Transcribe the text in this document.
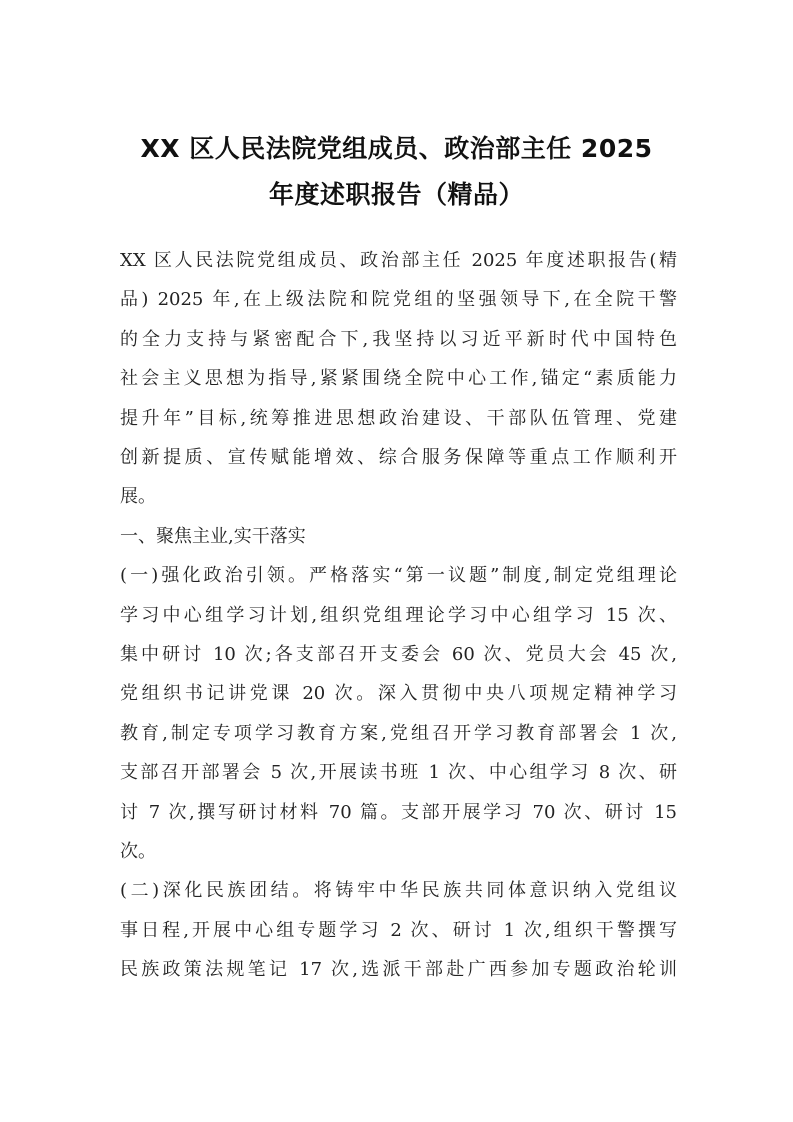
XX 区人民法院党组成员、政治部主任 2025
年度述职报告（精品）
XX 区人民法院党组成员、政治部主任 2025 年度述职报告(精
品) 2025 年,在上级法院和院党组的坚强领导下,在全院干警
的全力支持与紧密配合下,我坚持以习近平新时代中国特色
社会主义思想为指导,紧紧围绕全院中心工作,锚定“素质能力
提升年”目标,统筹推进思想政治建设、干部队伍管理、党建
创新提质、宣传赋能增效、综合服务保障等重点工作顺利开
展。
一、聚焦主业,实干落实
(一)强化政治引领。严格落实“第一议题”制度,制定党组理论
学习中心组学习计划,组织党组理论学习中心组学习 15 次、
集中研讨 10 次;各支部召开支委会 60 次、党员大会 45 次,
党组织书记讲党课 20 次。深入贯彻中央八项规定精神学习
教育,制定专项学习教育方案,党组召开学习教育部署会 1 次,
支部召开部署会 5 次,开展读书班 1 次、中心组学习 8 次、研
讨 7 次,撰写研讨材料 70 篇。支部开展学习 70 次、研讨 15
次。
(二)深化民族团结。将铸牢中华民族共同体意识纳入党组议
事日程,开展中心组专题学习 2 次、研讨 1 次,组织干警撰写
民族政策法规笔记 17 次,选派干部赴广西参加专题政治轮训
